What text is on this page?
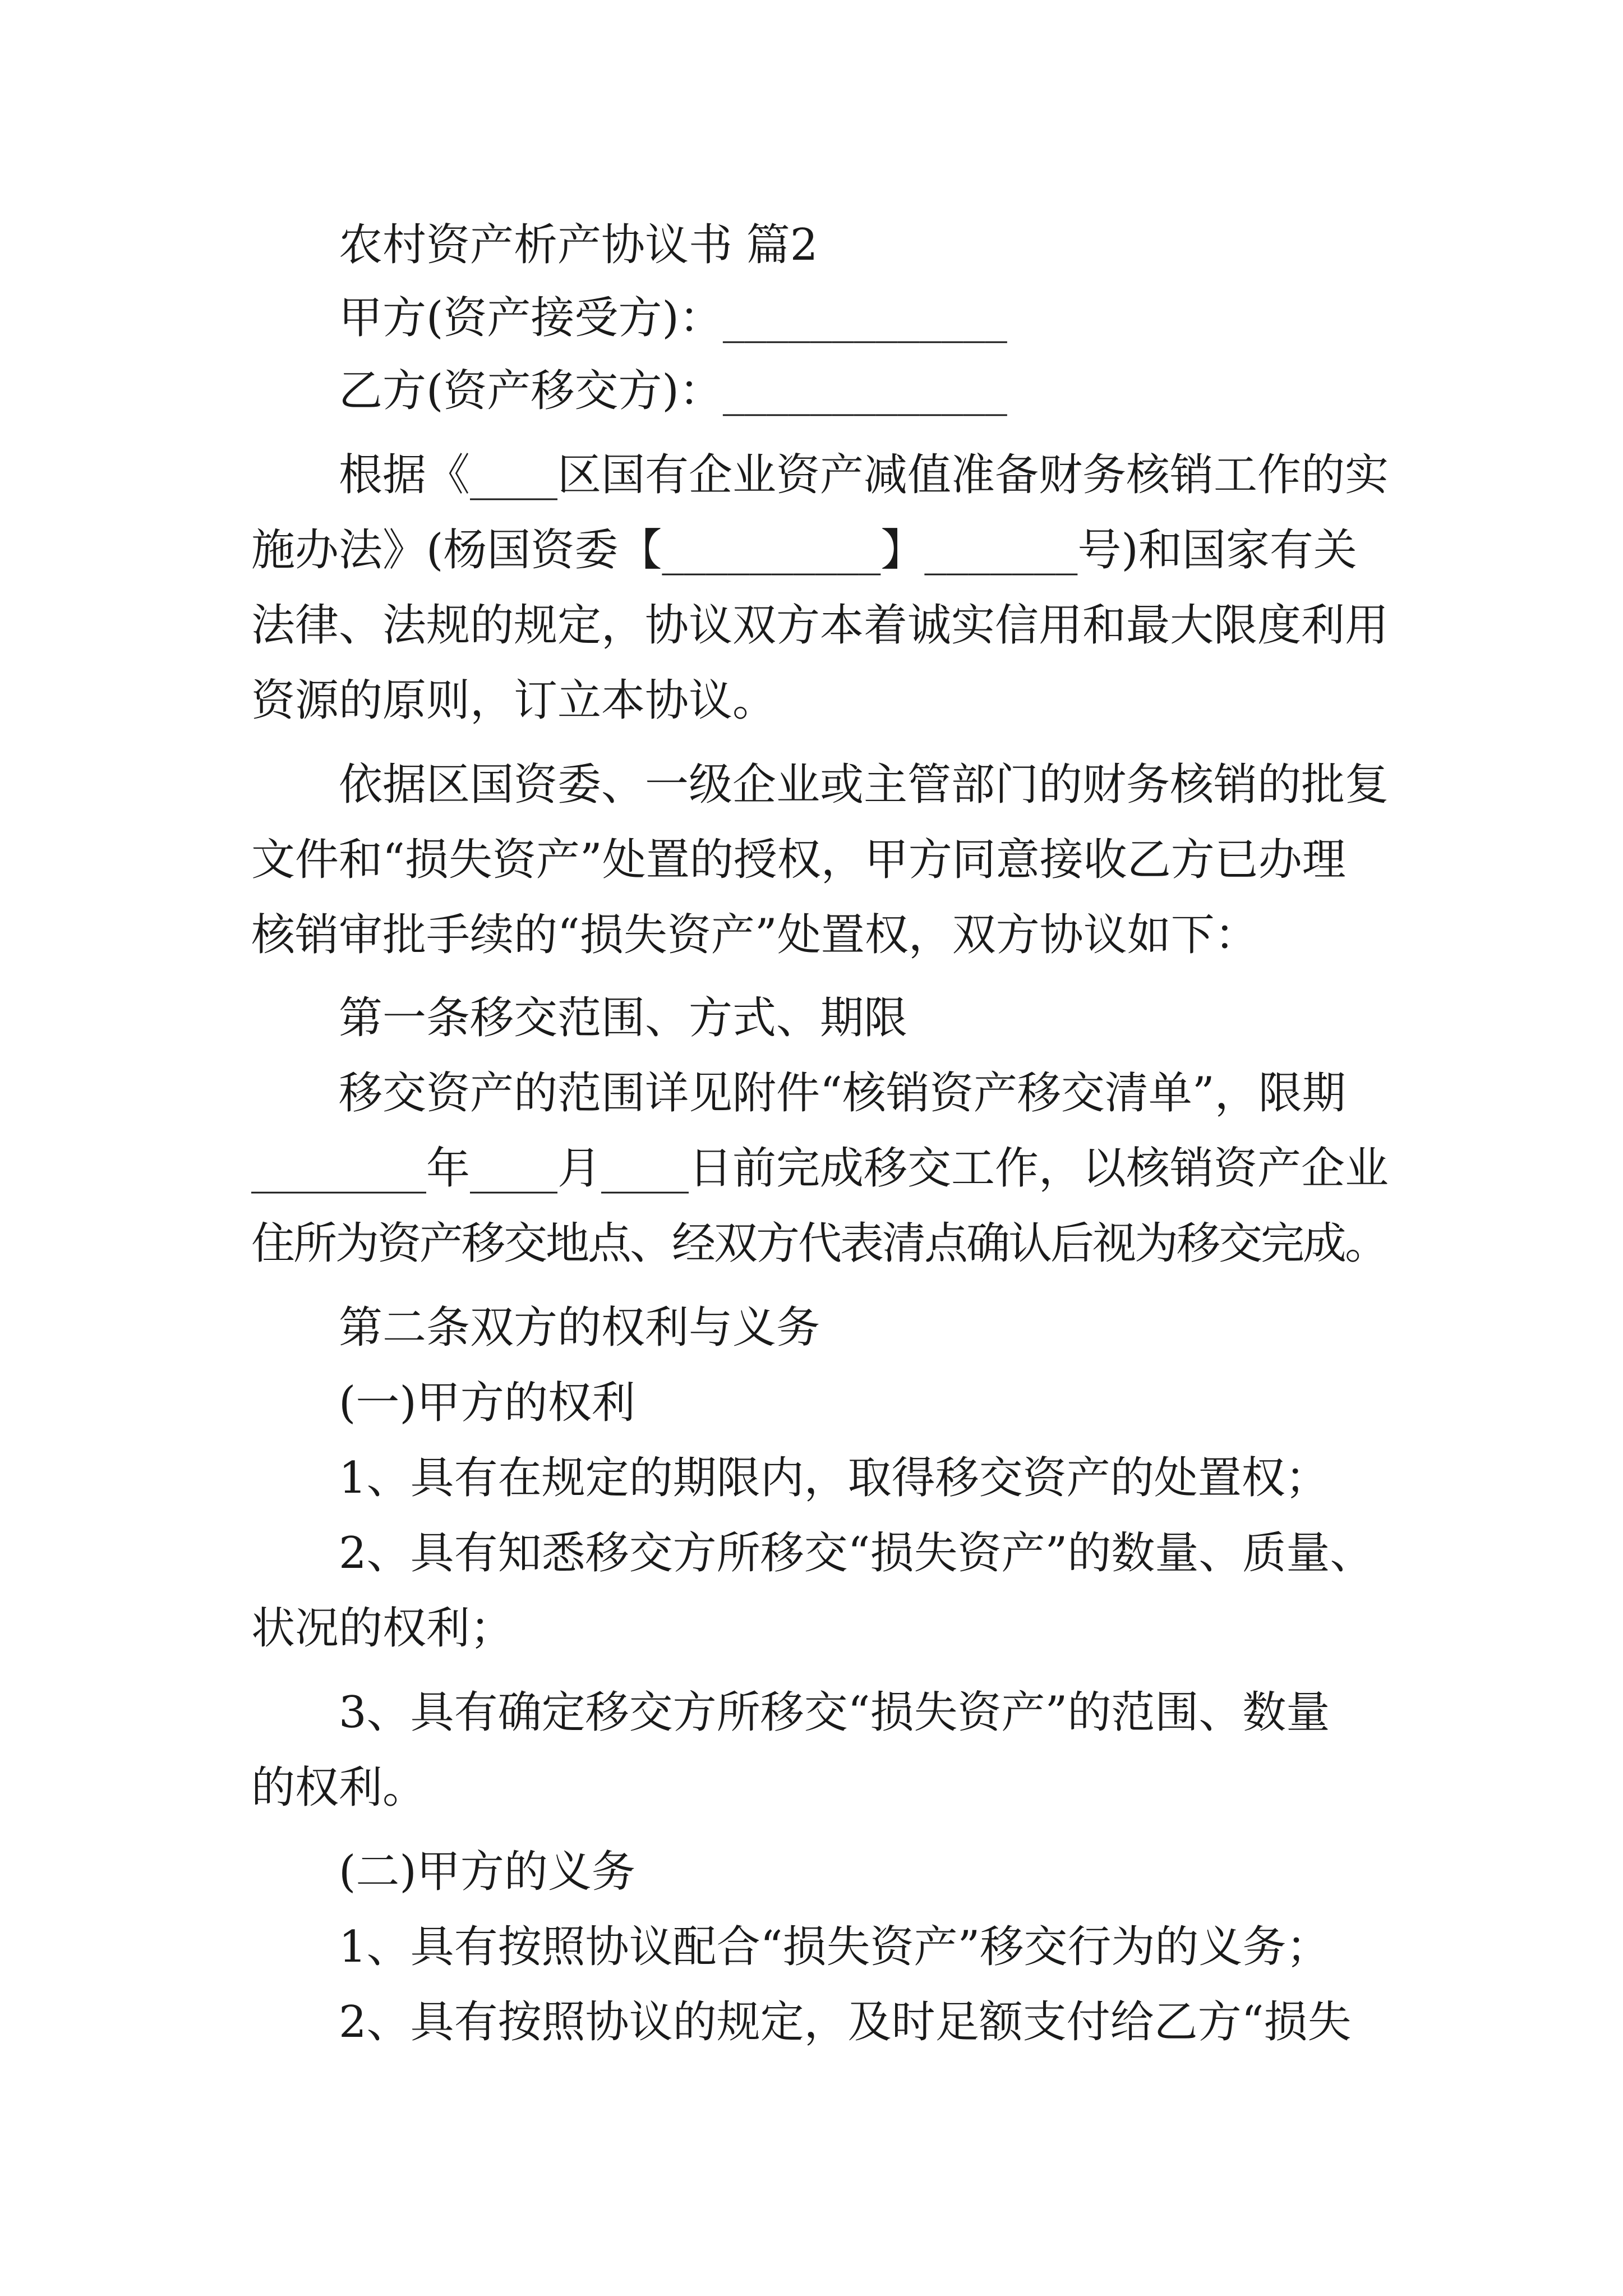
农村资产析产协议书 篇2

甲方(资产接受方)：_____________

乙方(资产移交方)：_____________

根据《____区国有企业资产减值准备财务核销工作的实

施办法》(杨国资委【__________】_______号)和国家有关

法律、法规的规定，协议双方本着诚实信用和最大限度利用

资源的原则，订立本协议。

依据区国资委、一级企业或主管部门的财务核销的批复

文件和“损失资产”处置的授权，甲方同意接收乙方已办理

核销审批手续的“损失资产”处置权，双方协议如下：

第一条移交范围、方式、期限

移交资产的范围详见附件“核销资产移交清单”，限期

________年____月____日前完成移交工作，以核销资产企业

住所为资产移交地点、经双方代表清点确认后视为移交完成。

第二条双方的权利与义务

(一)甲方的权利

1、具有在规定的期限内，取得移交资产的处置权；

2、具有知悉移交方所移交“损失资产”的数量、质量、

状况的权利；

3、具有确定移交方所移交“损失资产”的范围、数量

的权利。

(二)甲方的义务

1、具有按照协议配合“损失资产”移交行为的义务；

2、具有按照协议的规定，及时足额支付给乙方“损失
